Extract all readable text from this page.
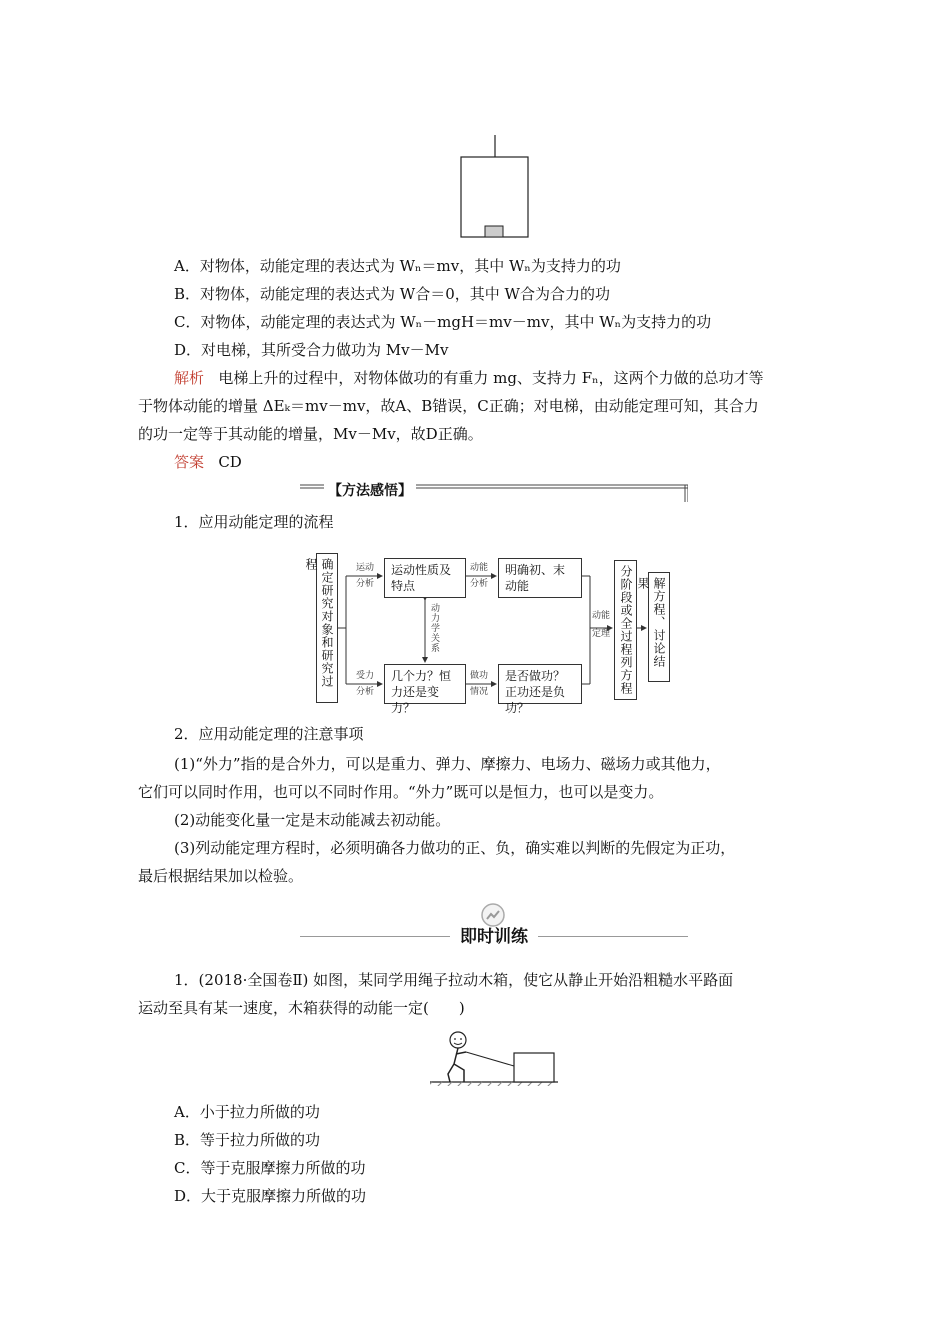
A．对物体，动能定理的表达式为 Wₙ＝mv，其中 Wₙ为支持力的功
B．对物体，动能定理的表达式为 W合＝0，其中 W合为合力的功
C．对物体，动能定理的表达式为 Wₙ－mgH＝mv－mv，其中 Wₙ为支持力的功
D．对电梯，其所受合力做功为 Mv－Mv
解析 电梯上升的过程中，对物体做功的有重力 mg、支持力 Fₙ，这两个力做的总功才等
于物体动能的增量 ΔEₖ＝mv－mv，故A、B错误，C正确；对电梯，由动能定理可知，其合力
的功一定等于其动能的增量，Mv－Mv，故D正确。
答案 CD
【方法感悟】
1．应用动能定理的流程
确定研究对象和研究过程	运动
分析
运动性质及特点
动能
分析
明确初、末动能
动力学关系
受力
分析
几个力？恒力还是变力？
做功
情况
是否做功？正功还是负功？
动能
定理 分阶段或全过程列方程	解方程、讨论结果
2．应用动能定理的注意事项
(1)“外力”指的是合外力，可以是重力、弹力、摩擦力、电场力、磁场力或其他力，
它们可以同时作用，也可以不同时作用。“外力”既可以是恒力，也可以是变力。
(2)动能变化量一定是末动能减去初动能。
(3)列动能定理方程时，必须明确各力做功的正、负，确实难以判断的先假定为正功，
最后根据结果加以检验。
即时训练
1．(2018·全国卷Ⅱ) 如图，某同学用绳子拉动木箱，使它从静止开始沿粗糙水平路面
运动至具有某一速度，木箱获得的动能一定(　　)
A．小于拉力所做的功
B．等于拉力所做的功
C．等于克服摩擦力所做的功
D．大于克服摩擦力所做的功
